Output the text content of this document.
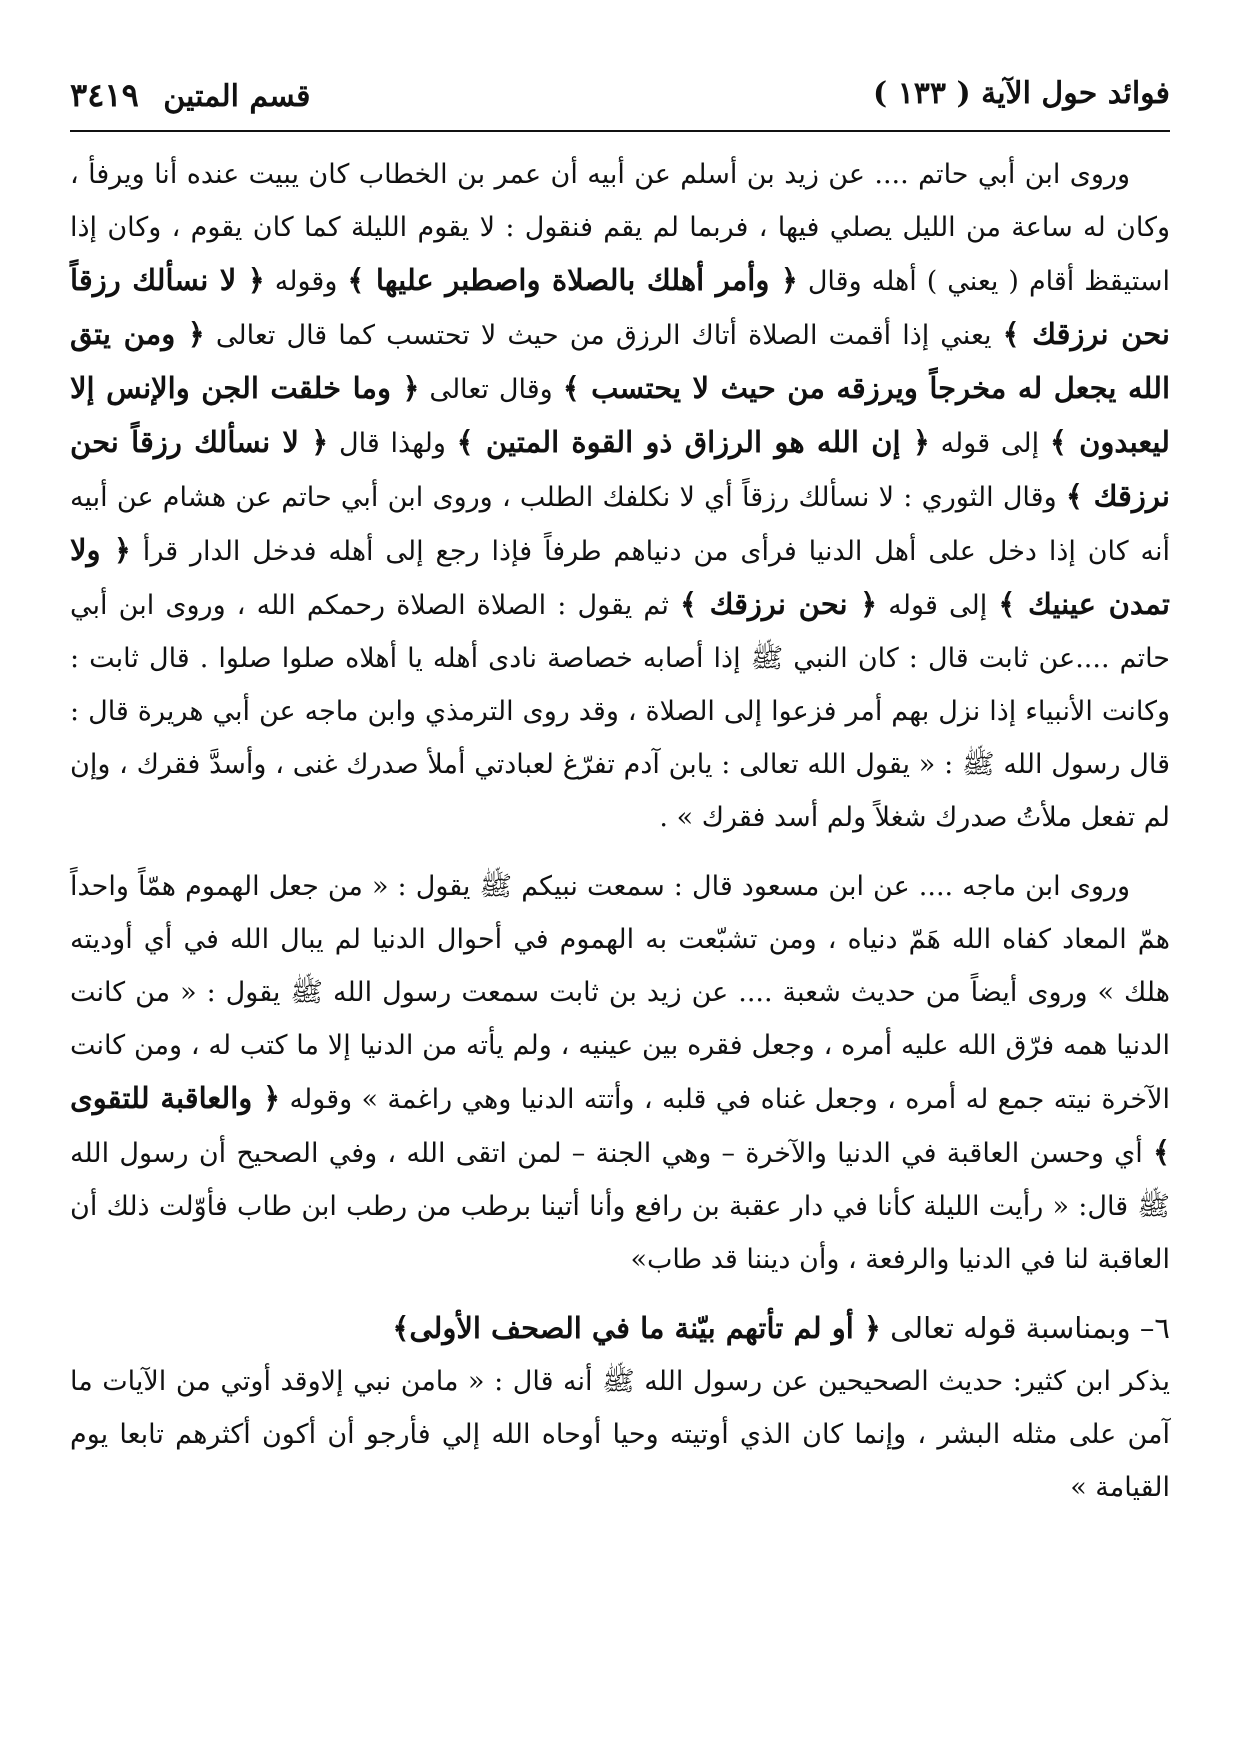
فوائد حول الآية ( ١٣٣ )
قسم المتين ٣٤١٩

وروى ابن أبي حاتم .... عن زيد بن أسلم عن أبيه أن عمر بن الخطاب كان يبيت عنده أنا ويرفأ ، وكان له ساعة من الليل يصلي فيها ، فربما لم يقم فنقول : لا يقوم الليلة كما كان يقوم ، وكان إذا استيقظ أقام ( يعني ) أهله وقال ﴿ وأمر أهلك بالصلاة واصطبر عليها ﴾ وقوله ﴿ لا نسألك رزقاً نحن نرزقك ﴾ يعني إذا أقمت الصلاة أتاك الرزق من حيث لا تحتسب كما قال تعالى ﴿ ومن يتق الله يجعل له مخرجاً ويرزقه من حيث لا يحتسب ﴾ وقال تعالى ﴿ وما خلقت الجن والإنس إلا ليعبدون ﴾ إلى قوله ﴿ إن الله هو الرزاق ذو القوة المتين ﴾ ولهذا قال ﴿ لا نسألك رزقاً نحن نرزقك ﴾ وقال الثوري : لا نسألك رزقاً أي لا نكلفك الطلب ، وروى ابن أبي حاتم عن هشام عن أبيه أنه كان إذا دخل على أهل الدنيا فرأى من دنياهم طرفاً فإذا رجع إلى أهله فدخل الدار قرأ ﴿ ولا تمدن عينيك ﴾ إلى قوله ﴿ نحن نرزقك ﴾ ثم يقول : الصلاة الصلاة رحمكم الله ، وروى ابن أبي حاتم ....عن ثابت قال : كان النبي ﷺ إذا أصابه خصاصة نادى أهله يا أهلاه صلوا صلوا . قال ثابت : وكانت الأنبياء إذا نزل بهم أمر فزعوا إلى الصلاة ، وقد روى الترمذي وابن ماجه عن أبي هريرة قال : قال رسول الله ﷺ : « يقول الله تعالى : يابن آدم تفرّغ لعبادتي أملأ صدرك غنى ، وأسدَّ فقرك ، وإن لم تفعل ملأتُ صدرك شغلاً ولم أسد فقرك » .

وروى ابن ماجه .... عن ابن مسعود قال : سمعت نبيكم ﷺ يقول : « من جعل الهموم همّاً واحداً همّ المعاد كفاه الله هَمّ دنياه ، ومن تشبّعت به الهموم في أحوال الدنيا لم يبال الله في أي أوديته هلك » وروى أيضاً من حديث شعبة .... عن زيد بن ثابت سمعت رسول الله ﷺ يقول : « من كانت الدنيا همه فرّق الله عليه أمره ، وجعل فقره بين عينيه ، ولم يأته من الدنيا إلا ما كتب له ، ومن كانت الآخرة نيته جمع له أمره ، وجعل غناه في قلبه ، وأتته الدنيا وهي راغمة » وقوله ﴿ والعاقبة للتقوى ﴾ أي وحسن العاقبة في الدنيا والآخرة – وهي الجنة – لمن اتقى الله ، وفي الصحيح أن رسول الله ﷺ قال: « رأيت الليلة كأنا في دار عقبة بن رافع وأنا أتينا برطب من رطب ابن طاب فأوّلت ذلك أن العاقبة لنا في الدنيا والرفعة ، وأن ديننا قد طاب»

٦– وبمناسبة قوله تعالى ﴿ أو لم تأتهم بيّنة ما في الصحف الأولى﴾

يذكر ابن كثير: حديث الصحيحين عن رسول الله ﷺ أنه قال : « مامن نبي إلاوقد أوتي من الآيات ما آمن على مثله البشر ، وإنما كان الذي أوتيته وحيا أوحاه الله إلي فأرجو أن أكون أكثرهم تابعا يوم القيامة »
